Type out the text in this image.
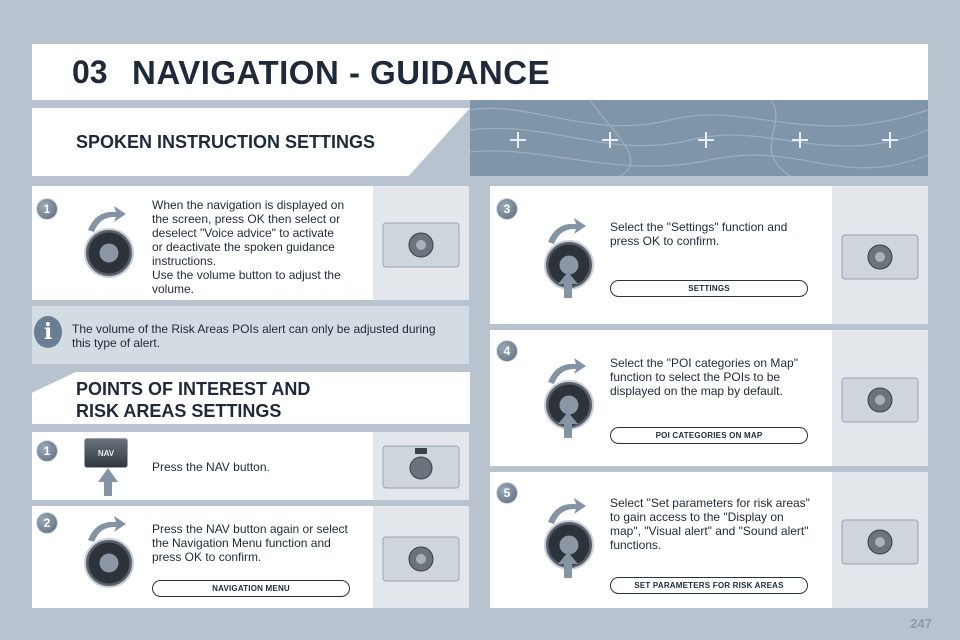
03 NAVIGATION - GUIDANCE
SPOKEN INSTRUCTION SETTINGS
1	When the navigation is displayed on
the screen, press OK then select or
deselect "Voice advice" to activate
or deactivate the spoken guidance
instructions.
Use the volume button to adjust the
volume.
i	The volume of the Risk Areas POIs alert can only be adjusted during
this type of alert.
POINTS OF INTEREST AND
RISK AREAS SETTINGS
1	NAV
Press the NAV button.
2	Press the NAV button again or select
the Navigation Menu function and
press OK to confirm.
NAVIGATION MENU
3
Select the "Settings" function and
press OK to confirm.
SETTINGS
4
Select the "POI categories on Map"
function to select the POIs to be
displayed on the map by default.
POI CATEGORIES ON MAP
5
Select "Set parameters for risk areas"
to gain access to the "Display on
map", "Visual alert" and "Sound alert"
functions.
SET PARAMETERS FOR RISK AREAS
247
